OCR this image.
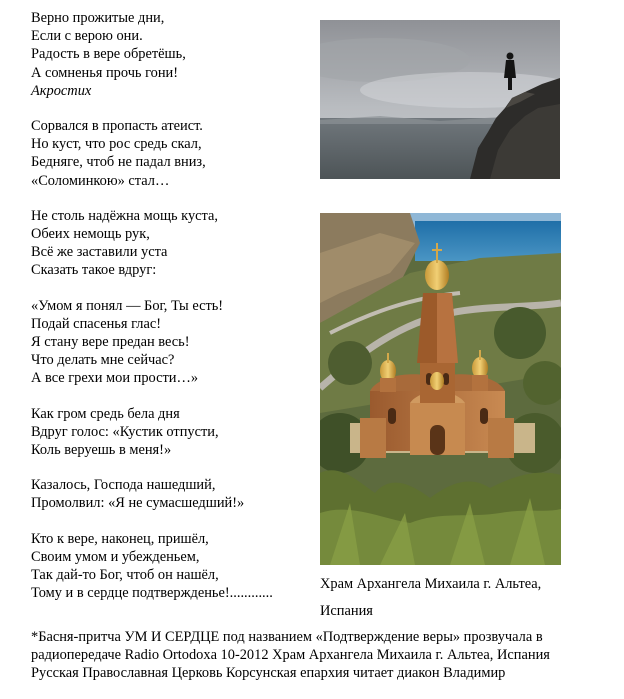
Верно прожитые дни,
Если с верою они.
Радость в вере обретёшь,
А сомненья прочь гони!
Акростих
Сорвался в пропасть атеист.
Но куст, что рос средь скал,
Бедняге, чтоб не падал вниз,
«Соломинкою» стал…
Не столь надёжна мощь куста,
Обеих немощь рук,
Всё же заставили уста
Сказать такое вдруг:
«Умом я понял — Бог, Ты есть!
Подай спасенья глас!
Я стану вере предан весь!
Что делать мне сейчас?
А все грехи мои прости…»
Как гром средь бела дня
Вдруг голос: «Кустик отпусти,
Коль веруешь в меня!»
Казалось, Господа нашедший,
Промолвил: «Я не сумасшедший!»
Кто к вере, наконец, пришёл,
Своим умом и убежденьем,
Так дай-то Бог, чтоб он нашёл,
Тому и в сердце подтвержденье!............
Храм Архангела Михаила г. Альтеа,
Испания
*Басня-притча УМ И СЕРДЦЕ под названием «Подтверждение веры» прозвучала в
радиопередаче Radio Ortodoxa 10-2012 Храм Архангела Михаила г. Альтеа, Испания
Русская Православная Церковь Корсунская епархия читает диакон Владимир
